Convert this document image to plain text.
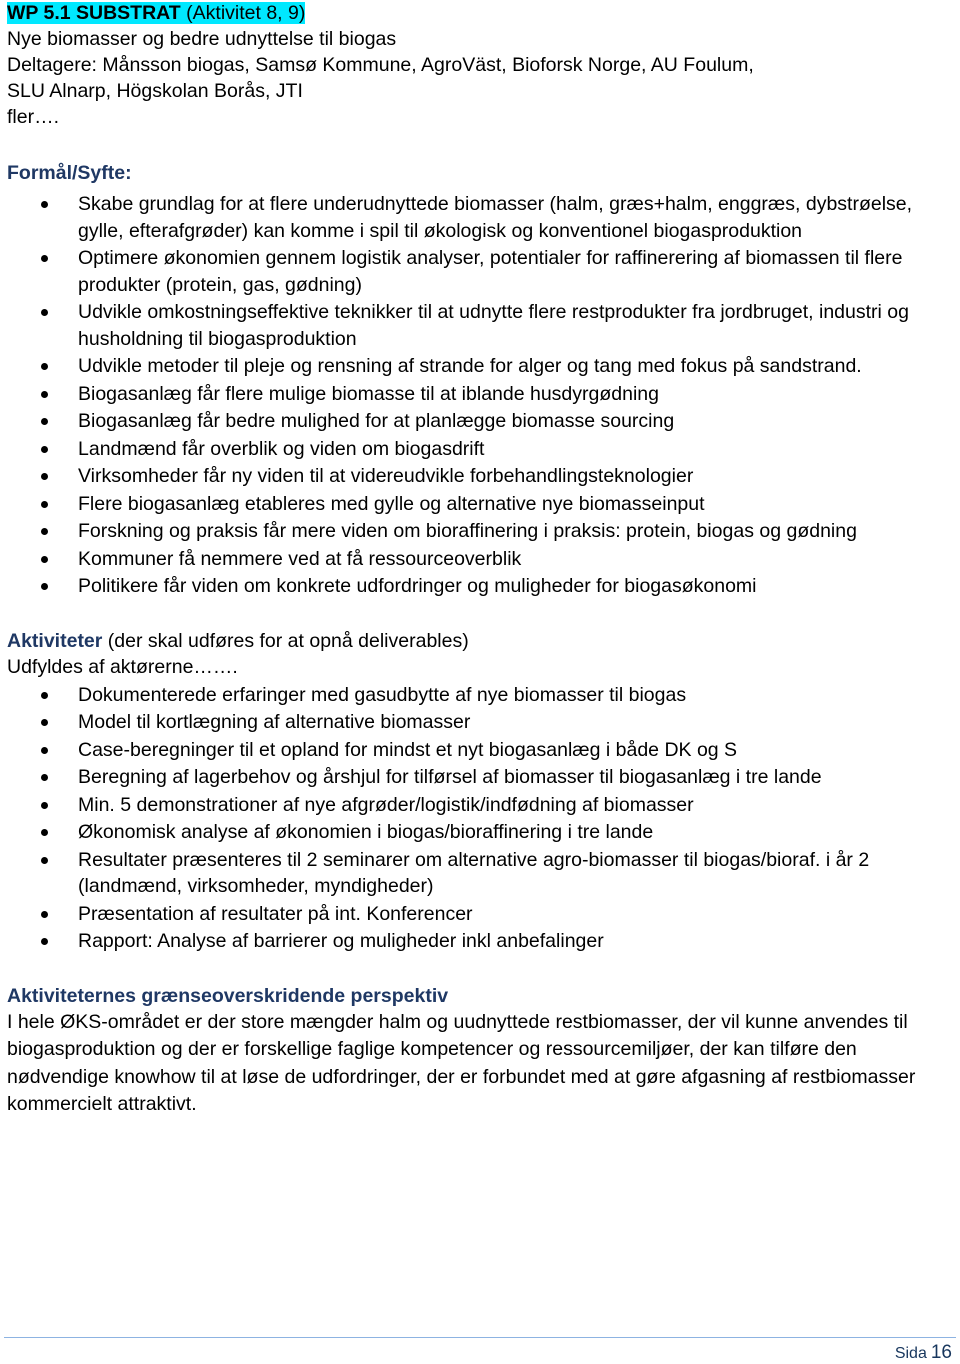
WP 5.1 SUBSTRAT (Aktivitet 8, 9)
Nye biomasser og bedre udnyttelse til biogas
Deltagere: Månsson biogas, Samsø Kommune, AgroVäst, Bioforsk Norge, AU Foulum,
SLU Alnarp, Högskolan Borås, JTI
fler….
Formål/Syfte:
Skabe grundlag for at flere underudnyttede biomasser (halm, græs+halm, enggræs, dybstrøelse, gylle, efterafgrøder) kan komme i spil til økologisk og konventionel biogasproduktion
Optimere økonomien gennem logistik analyser, potentialer for raffinerering af biomassen til flere produkter (protein, gas, gødning)
Udvikle omkostningseffektive teknikker til at udnytte flere restprodukter fra jordbruget, industri og husholdning til biogasproduktion
Udvikle metoder til pleje og rensning af strande for alger og tang med fokus på sandstrand.
Biogasanlæg får flere mulige biomasse til at iblande husdyrgødning
Biogasanlæg får bedre mulighed for at planlægge biomasse sourcing
Landmænd får overblik og viden om biogasdrift
Virksomheder får ny viden til at videreudvikle forbehandlingsteknologier
Flere biogasanlæg etableres med gylle og alternative nye biomasseinput
Forskning og praksis får mere viden om bioraffinering i praksis: protein, biogas og gødning
Kommuner få nemmere ved at få ressourceoverblik
Politikere får viden om konkrete udfordringer og muligheder for biogasøkonomi
Aktiviteter (der skal udføres for at opnå deliverables)
Udfyldes af aktørerne…….
Dokumenterede erfaringer med gasudbytte af nye biomasser til biogas
Model til kortlægning af alternative biomasser
Case-beregninger til et opland for mindst et nyt biogasanlæg i både DK og S
Beregning af lagerbehov og årshjul for tilførsel af biomasser til biogasanlæg i tre lande
Min. 5 demonstrationer af nye afgrøder/logistik/indfødning af biomasser
Økonomisk analyse af økonomien i biogas/bioraffinering i tre lande
Resultater præsenteres til 2 seminarer om alternative agro-biomasser til biogas/bioraf. i år 2 (landmænd, virksomheder, myndigheder)
Præsentation af resultater på int. Konferencer
Rapport: Analyse af barrierer og muligheder inkl anbefalinger
Aktiviteternes grænseoverskridende perspektiv
I hele ØKS-området er der store mængder halm og uudnyttede restbiomasser, der vil kunne anvendes til biogasproduktion og der er forskellige faglige kompetencer og ressourcemiljøer, der kan tilføre den nødvendige knowhow til at løse de udfordringer, der er forbundet med at gøre afgasning af restbiomasser kommercielt attraktivt.
Sida 16
